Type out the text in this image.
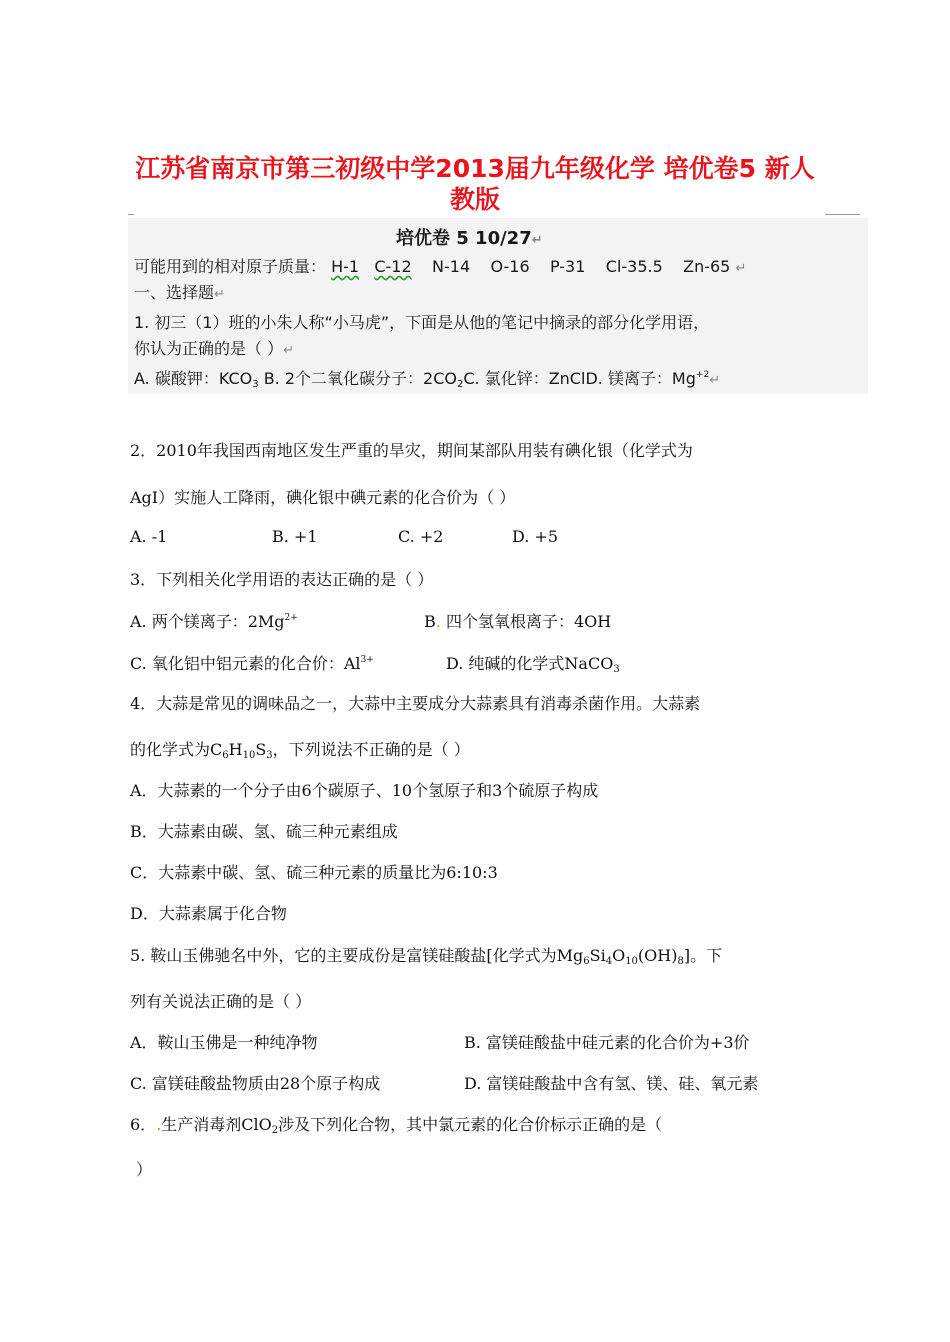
江苏省南京市第三初级中学2013届九年级化学 培优卷5 新人
教版
培优卷 5 10/27↵
可能用到的相对原子质量： H-1 C-12 N-14 O-16 P-31 Cl-35.5 Zn-65 ↵
一、选择题↵
1. 初三（1）班的小朱人称“小马虎”，下面是从他的笔记中摘录的部分化学用语，
你认为正确的是（ ）↵
A. 碳酸钾：$KCO_3$ B. 2个二氧化碳分子：$2CO_2C$. 氯化锌：ZnClD. 镁离子：$Mg^{+2}↵$
2．2010年我国西南地区发生严重的旱灾，期间某部队用装有碘化银（化学式为
AgI）实施人工降雨，碘化银中碘元素的化合价为（ ）
A. -1	B. +1	C. +2	D. +5
3．下列相关化学用语的表达正确的是（ ）
A. 两个镁离子：$2Mg^{2+}$	B. 四个氢氧根离子：4OH
C. 氧化铝中铝元素的化合价：$Al^{3+}$	D. 纯碱的化学式NaCO$_3$
4．大蒜是常见的调味品之一，大蒜中主要成分大蒜素具有消毒杀菌作用。大蒜素
的化学式为$C_6H_{10}S_3$，下列说法不正确的是（ ）
A．大蒜素的一个分子由6个碳原子、10个氢原子和3个硫原子构成
B．大蒜素由碳、氢、硫三种元素组成
C．大蒜素中碳、氢、硫三种元素的质量比为6:10:3
D．大蒜素属于化合物
5. 鞍山玉佛驰名中外，它的主要成份是富镁硅酸盐[化学式为$Mg_6Si_4O_{10}(OH)_8$]。下
列有关说法正确的是（ ）
A．鞍山玉佛是一种纯净物	B. 富镁硅酸盐中硅元素的化合价为+3价
C. 富镁硅酸盐物质由28个原子构成	D. 富镁硅酸盐中含有氢、镁、硅、氧元素
6．.生产消毒剂ClO$_2$涉及下列化合物，其中氯元素的化合价标示正确的是（
）
